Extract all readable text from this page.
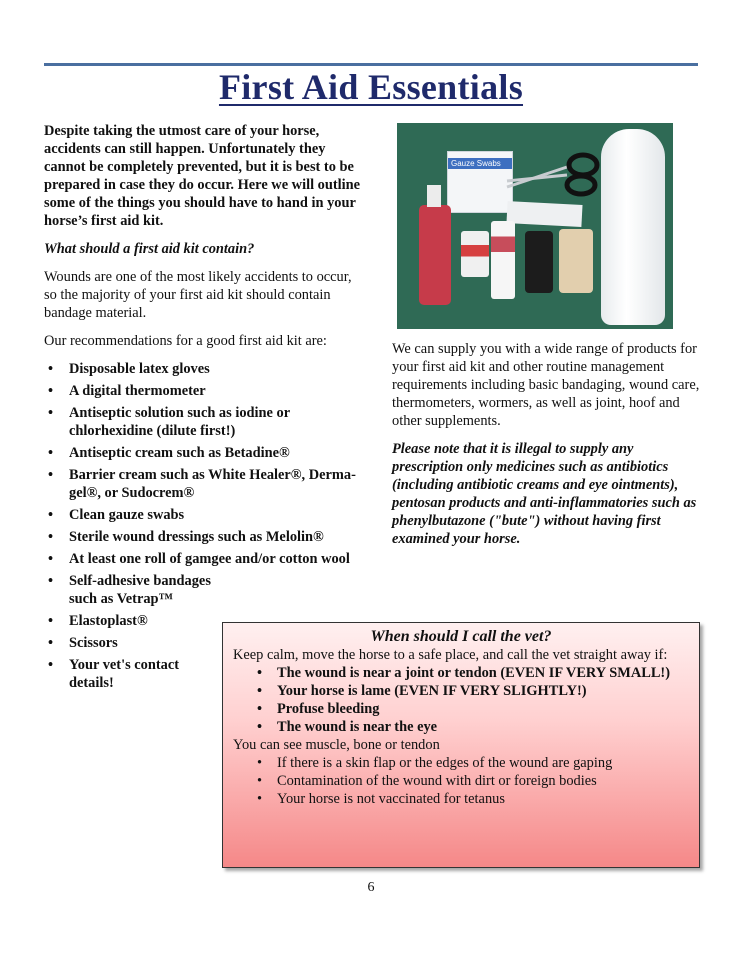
First Aid Essentials

Despite taking the utmost care of your horse, accidents can still happen. Unfortunately they cannot be completely prevented, but it is best to be prepared in case they do occur. Here we will outline some of the things you should have to hand in your horse’s first aid kit.

What should a first aid kit contain?

Wounds are one of the most likely accidents to occur, so the majority of your first aid kit should contain bandage material.

Our recommendations for a good first aid kit are:

• Disposable latex gloves
• A digital thermometer
• Antiseptic solution such as iodine or chlorhexidine (dilute first!)
• Antiseptic cream such as Betadine®
• Barrier cream such as White Healer®, Derma-gel®, or Sudocrem®
• Clean gauze swabs
• Sterile wound dressings such as Melolin®
• At least one roll of gamgee and/or cotton wool
• Self-adhesive bandages such as Vetrap™
• Elastoplast®
• Scissors
• Your vet's contact details!
Gauze Swabs

We can supply you with a wide range of products for your first aid kit and other routine management requirements including basic bandaging, wound care, thermometers, wormers, as well as joint, hoof and other supplements.

Please note that it is illegal to supply any prescription only medicines such as antibiotics (including antibiotic creams and eye ointments), pentosan products and anti-inflammatories such as phenylbutazone ("bute") without having first examined your horse.

When should I call the vet?

Keep calm, move the horse to a safe place, and call the vet straight away if:

• The wound is near a joint or tendon (EVEN IF VERY SMALL!)
• Your horse is lame (EVEN IF VERY SLIGHTLY!)
• Profuse bleeding
• The wound is near the eye

You can see muscle, bone or tendon

• If there is a skin flap or the edges of the wound are gaping
• Contamination of the wound with dirt or foreign bodies
• Your horse is not vaccinated for tetanus
6
